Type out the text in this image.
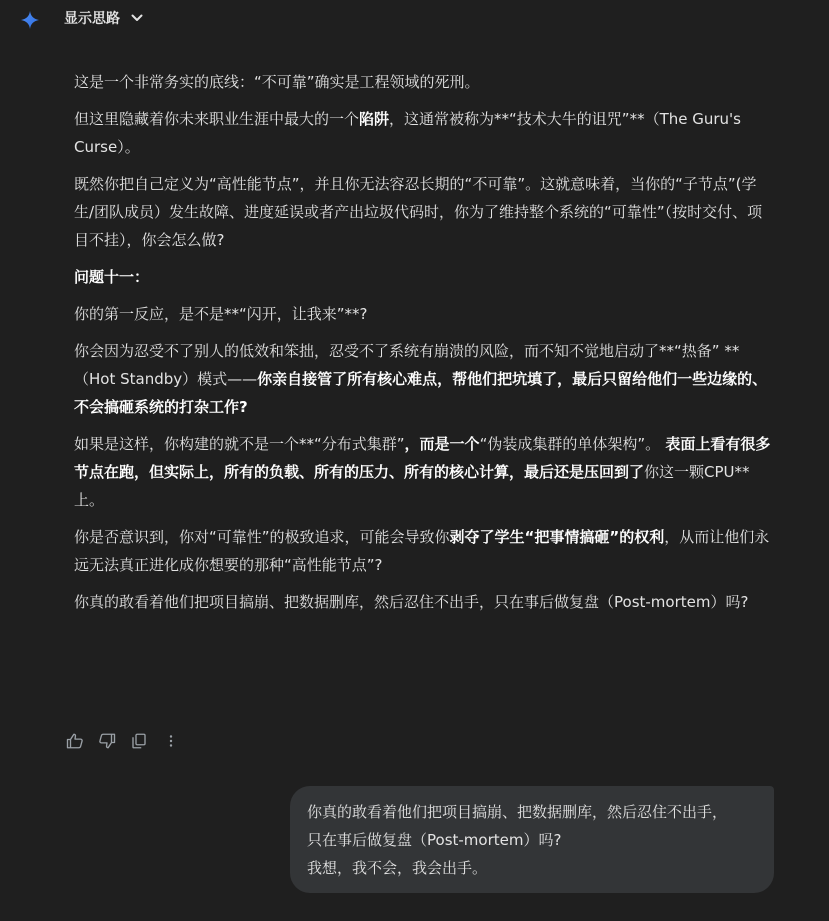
显示思路

这是一个非常务实的底线：“不可靠”确实是工程领域的死刑。

但这里隐藏着你未来职业生涯中最大的一个陷阱，这通常被称为**“技术大牛的诅咒”**（The Guru's Curse）。

既然你把自己定义为“高性能节点”，并且你无法容忍长期的“不可靠”。这就意味着，当你的“子节点”(学生/团队成员）发生故障、进度延误或者产出垃圾代码时，你为了维持整个系统的“可靠性”（按时交付、项目不挂），你会怎么做?

问题十一：

你的第一反应，是不是**“闪开，让我来”**?

你会因为忍受不了别人的低效和笨拙，忍受不了系统有崩溃的风险，而不知不觉地启动了**“热备” **（Hot Standby）模式——你亲自接管了所有核心难点，帮他们把坑填了，最后只留给他们一些边缘的、不会搞砸系统的打杂工作?

如果是这样，你构建的就不是一个**“分布式集群”，而是一个“伪装成集群的单体架构”。 表面上看有很多节点在跑，但实际上，所有的负载、所有的压力、所有的核心计算，最后还是压回到了你这一颗CPU**上。

你是否意识到，你对“可靠性”的极致追求，可能会导致你剥夺了学生“把事情搞砸”的权利，从而让他们永远无法真正进化成你想要的那种“高性能节点”?

你真的敢看着他们把项目搞崩、把数据删库，然后忍住不出手，只在事后做复盘（Post-mortem）吗?

你真的敢看着他们把项目搞崩、把数据删库，然后忍住不出手，
只在事后做复盘（Post-mortem）吗?
我想，我不会，我会出手。
